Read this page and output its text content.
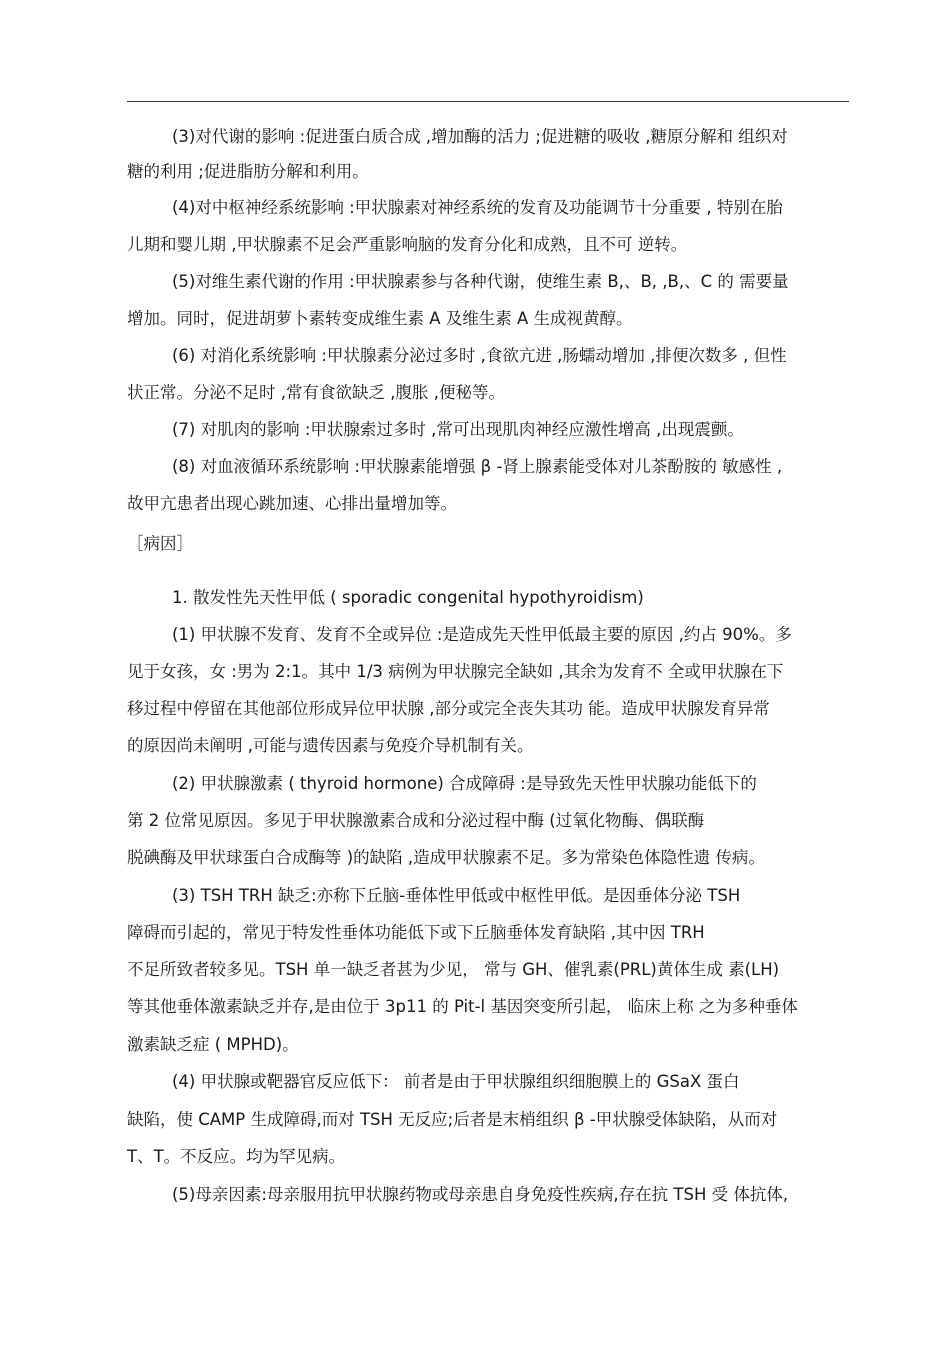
(3)对代谢的影响 :促进蛋白质合成 ,增加酶的活力 ;促进糖的吸收 ,糖原分解和 组织对
糖的利用 ;促进脂肪分解和利用。
(4)对中枢神经系统影响 :甲状腺素对神经系统的发育及功能调节十分重要 , 特别在胎
儿期和婴儿期 ,甲状腺素不足会严重影响脑的发育分化和成熟，且不可 逆转。
(5)对维生素代谢的作用 :甲状腺素参与各种代谢，使维生素 B,、B, ,B,、C 的 需要量
增加。同时，促进胡萝卜素转变成维生素 A 及维生素 A 生成视黄醇。
(6) 对消化系统影响 :甲状腺素分泌过多时 ,食欲亢进 ,肠蠕动增加 ,排便次数多 , 但性
状正常。分泌不足时 ,常有食欲缺乏 ,腹胀 ,便秘等。
(7) 对肌肉的影响 :甲状腺索过多时 ,常可出现肌肉神经应激性增高 ,出现震颤。
(8) 对血液循环系统影响 :甲状腺素能增强 β -肾上腺素能受体对儿茶酚胺的 敏感性 ,
故甲亢患者出现心跳加速、心排出量增加等。
［病因］
1. 散发性先天性甲低 ( sporadic congenital hypothyroidism)
(1) 甲状腺不发育、发育不全或异位 :是造成先天性甲低最主要的原因 ,约占 90%。多
见于女孩，女 :男为 2:1。其中 1/3 病例为甲状腺完全缺如 ,其余为发育不 全或甲状腺在下
移过程中停留在其他部位形成异位甲状腺 ,部分或完全丧失其功 能。造成甲状腺发育异常
的原因尚未阐明 ,可能与遗传因素与免疫介导机制有关。
(2) 甲状腺激素 ( thyroid hormone) 合成障碍 :是导致先天性甲状腺功能低下的
第 2 位常见原因。多见于甲状腺激素合成和分泌过程中酶 (过氧化物酶、偶联酶
脱碘酶及甲状球蛋白合成酶等 )的缺陷 ,造成甲状腺素不足。多为常染色体隐性遗 传病。
(3) TSH TRH 缺乏:亦称下丘脑-垂体性甲低或中枢性甲低。是因垂体分泌 TSH
障碍而引起的，常见于特发性垂体功能低下或下丘脑垂体发育缺陷 ,其中因 TRH
不足所致者较多见。TSH 单一缺乏者甚为少见， 常与 GH、催乳素(PRL)黄体生成 素(LH)
等其他垂体激素缺乏并存,是由位于 3p11 的 Pit-l 基因突变所引起， 临床上称 之为多种垂体
激素缺乏症 ( MPHD)。
(4) 甲状腺或靶器官反应低下： 前者是由于甲状腺组织细胞膜上的 GSaX 蛋白
缺陷，使 CAMP 生成障碍,而对 TSH 无反应;后者是末梢组织 β -甲状腺受体缺陷，从而对
T、T。不反应。均为罕见病。
(5)母亲因素:母亲服用抗甲状腺药物或母亲患自身免疫性疾病,存在抗 TSH 受 体抗体,
